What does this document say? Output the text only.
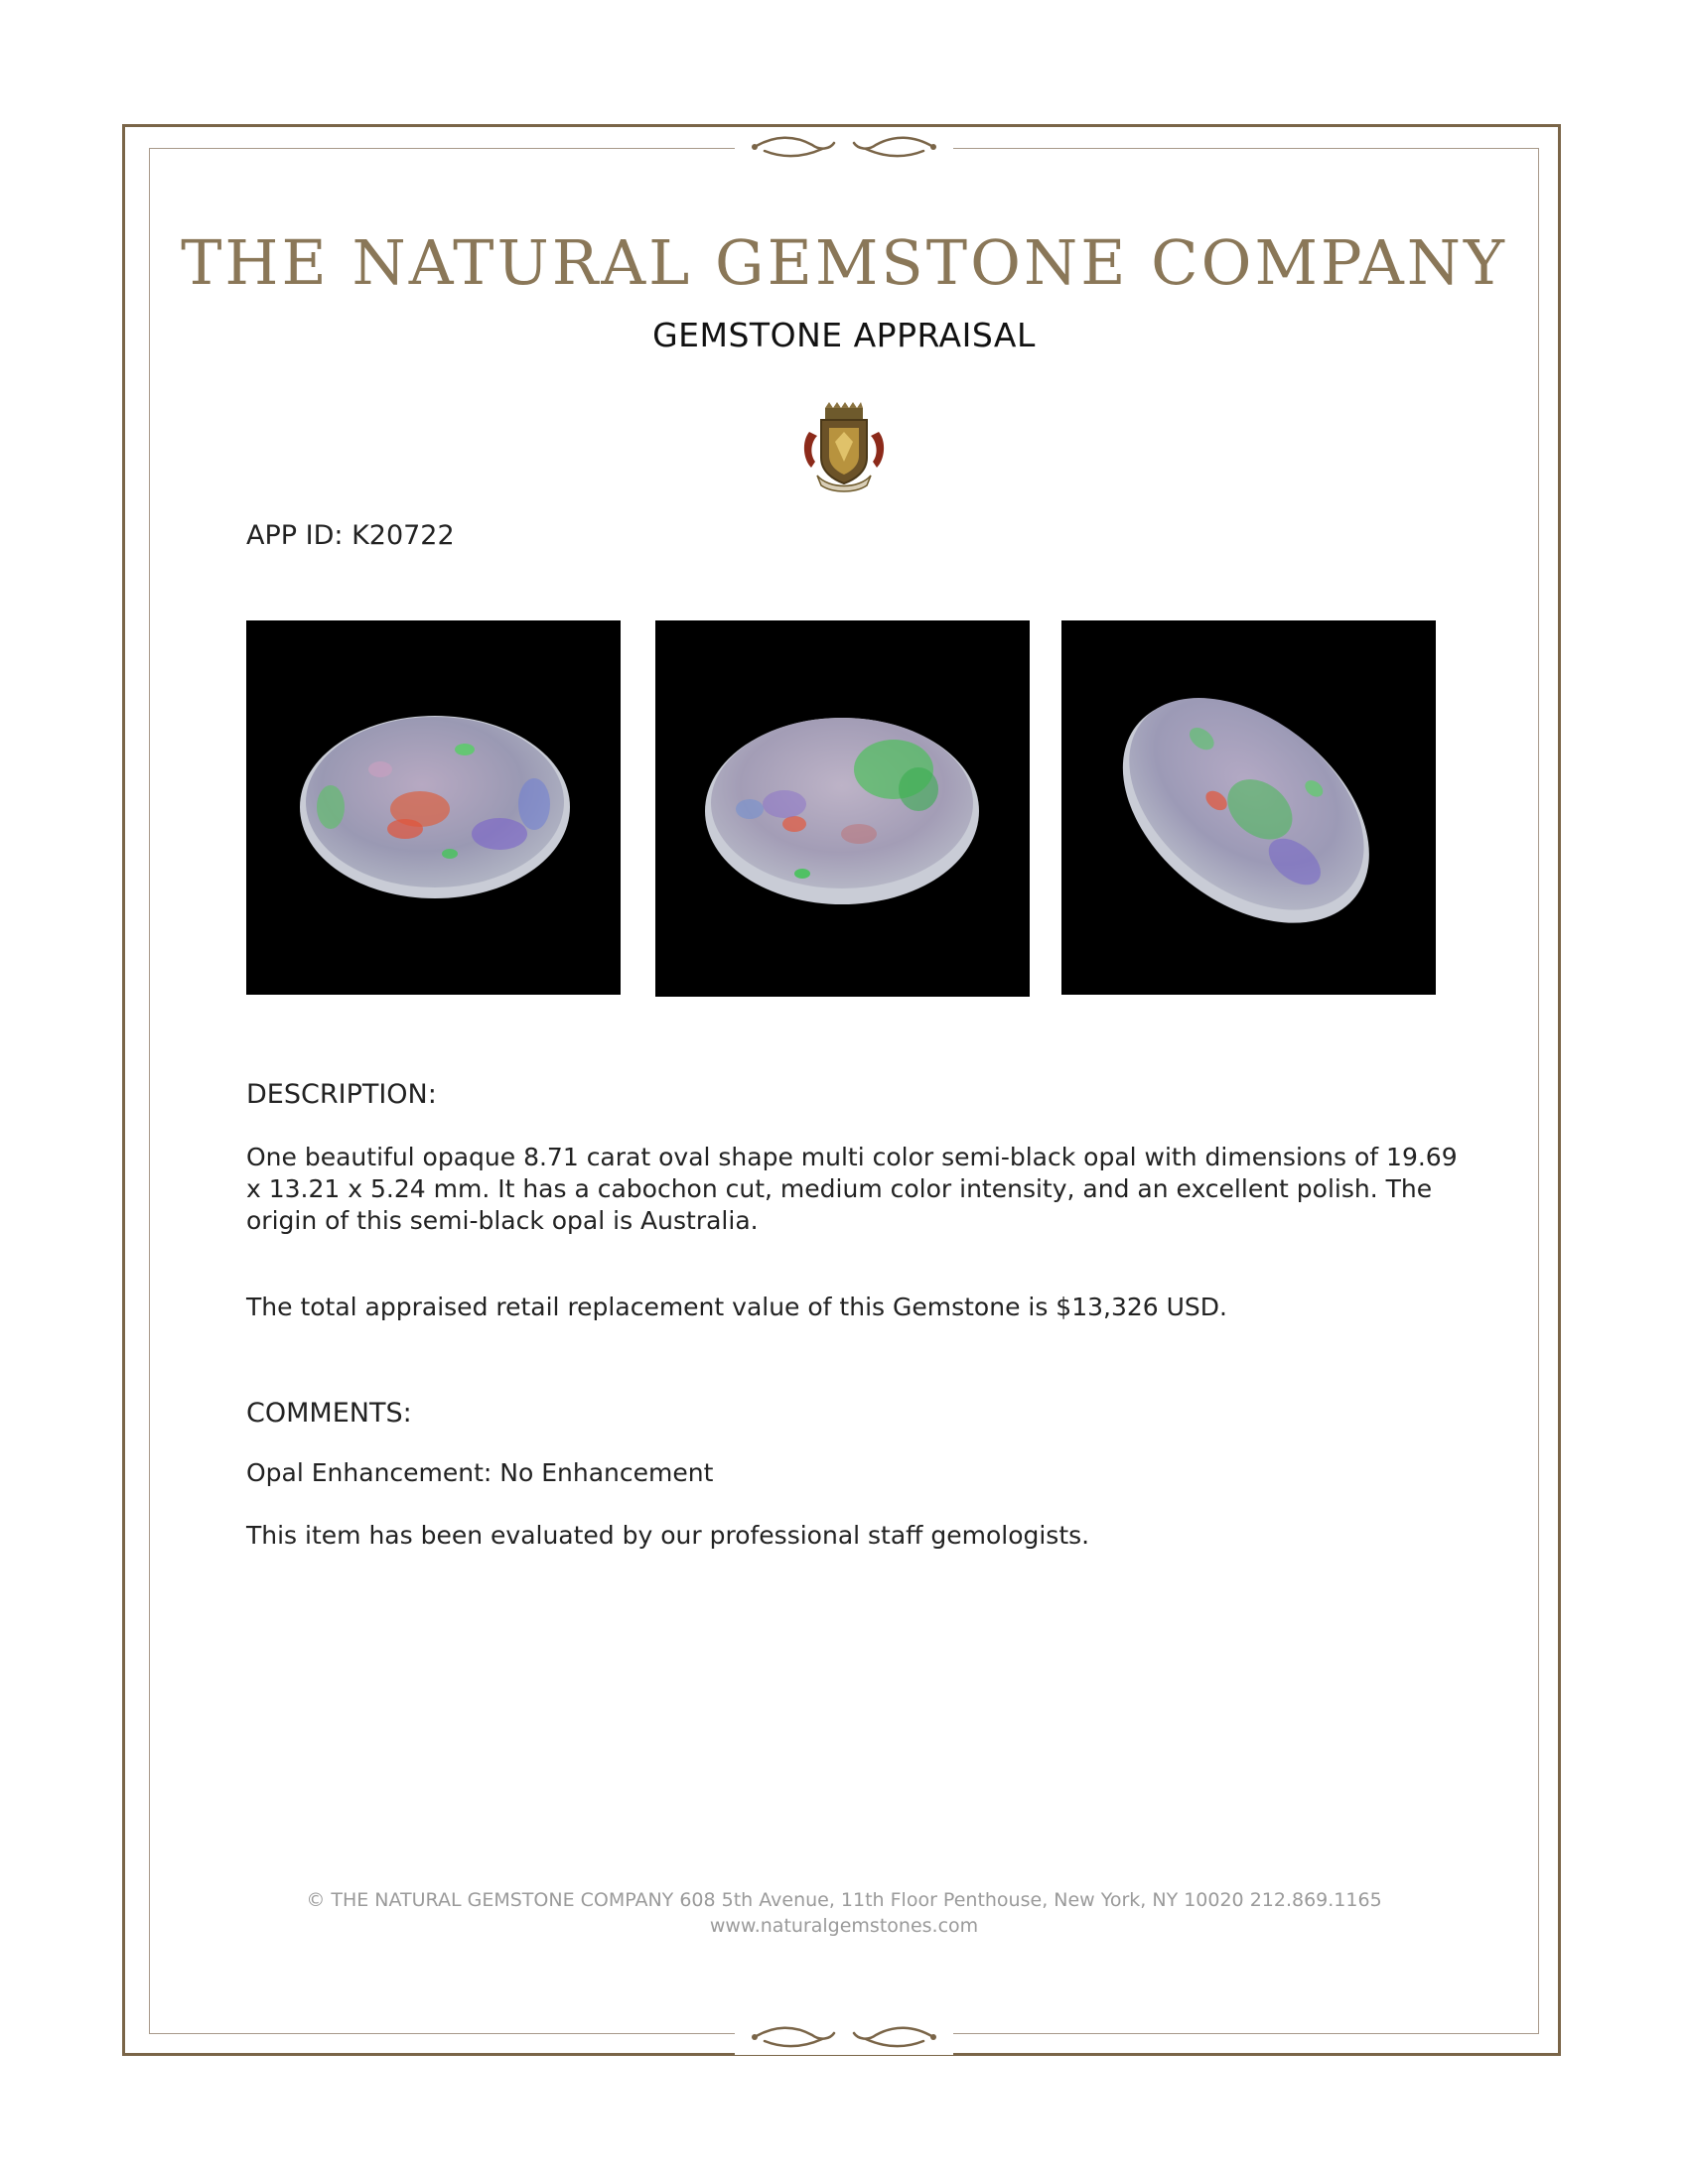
THE NATURAL GEMSTONE COMPANY
GEMSTONE APPRAISAL
APP ID: K20722
DESCRIPTION:
One beautiful opaque 8.71 carat oval shape multi color semi-black opal with dimensions of 19.69 x 13.21 x 5.24 mm. It has a cabochon cut, medium color intensity, and an excellent polish. The origin of this semi-black opal is Australia.
The total appraised retail replacement value of this Gemstone is $13,326 USD.
COMMENTS:
Opal Enhancement: No Enhancement
This item has been evaluated by our professional staff gemologists.
© THE NATURAL GEMSTONE COMPANY 608 5th Avenue, 11th Floor Penthouse, New York, NY 10020 212.869.1165
www.naturalgemstones.com
